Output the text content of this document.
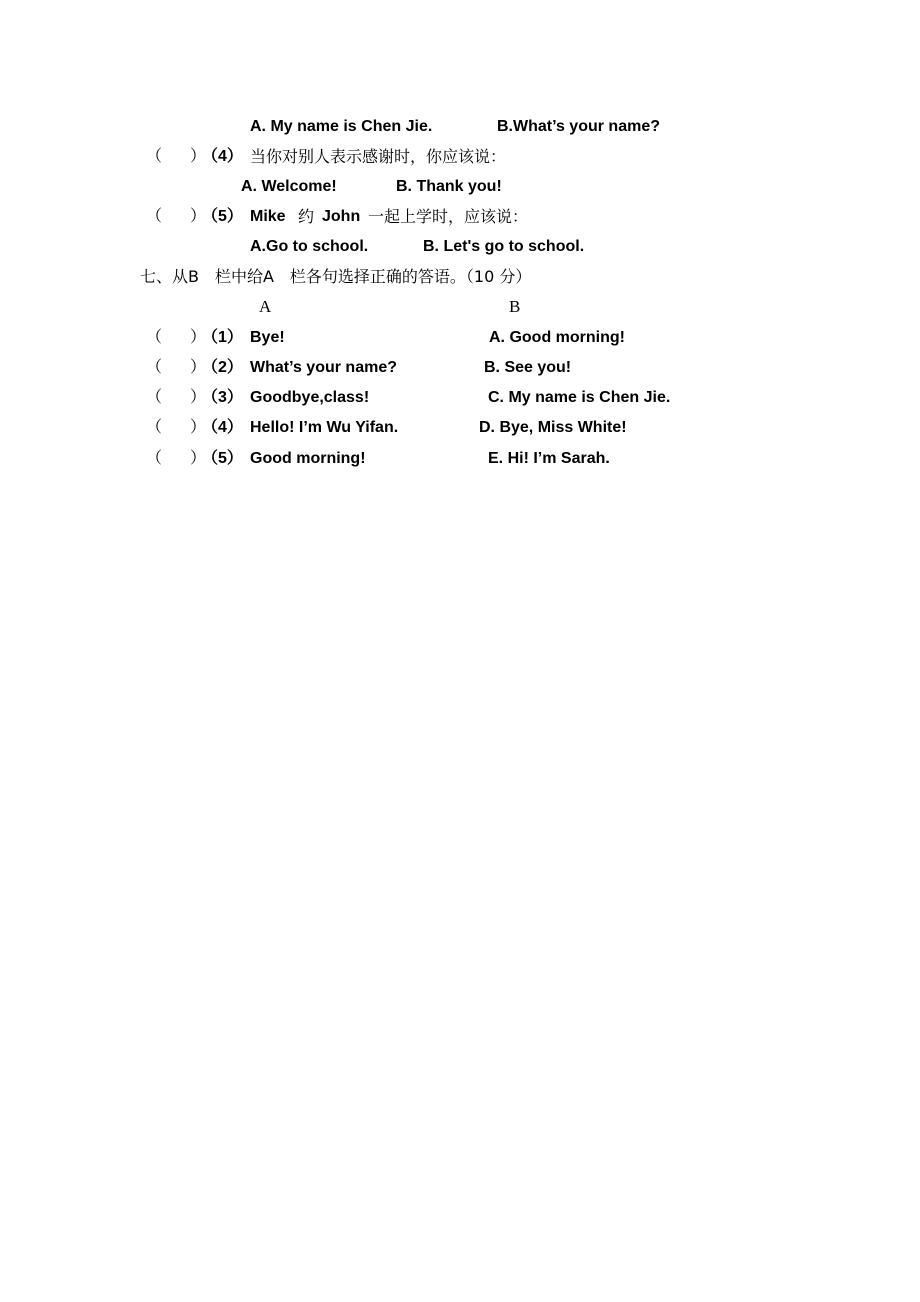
A. My name is Chen Jie.	B.What’s your name?
（ ）
（4） 当你对别人表示感谢时，你应该说：
A. Welcome!	B. Thank you!
（ ）
（5） Mike 约 John 一起上学时，应该说：
A.Go to school.	B. Let's go to school.
七、从B　栏中给A　栏各句选择正确的答语。（10 分）
A	B
（ ）
（1） Bye!	A. Good morning!
（ ）
（2） What’s your name?	B. See you!
（ ）
（3） Goodbye,class!	C. My name is Chen Jie.
（ ）
（4） Hello! I’m Wu Yifan.	D. Bye, Miss White!
（ ）
（5） Good morning!	E. Hi! I’m Sarah.
